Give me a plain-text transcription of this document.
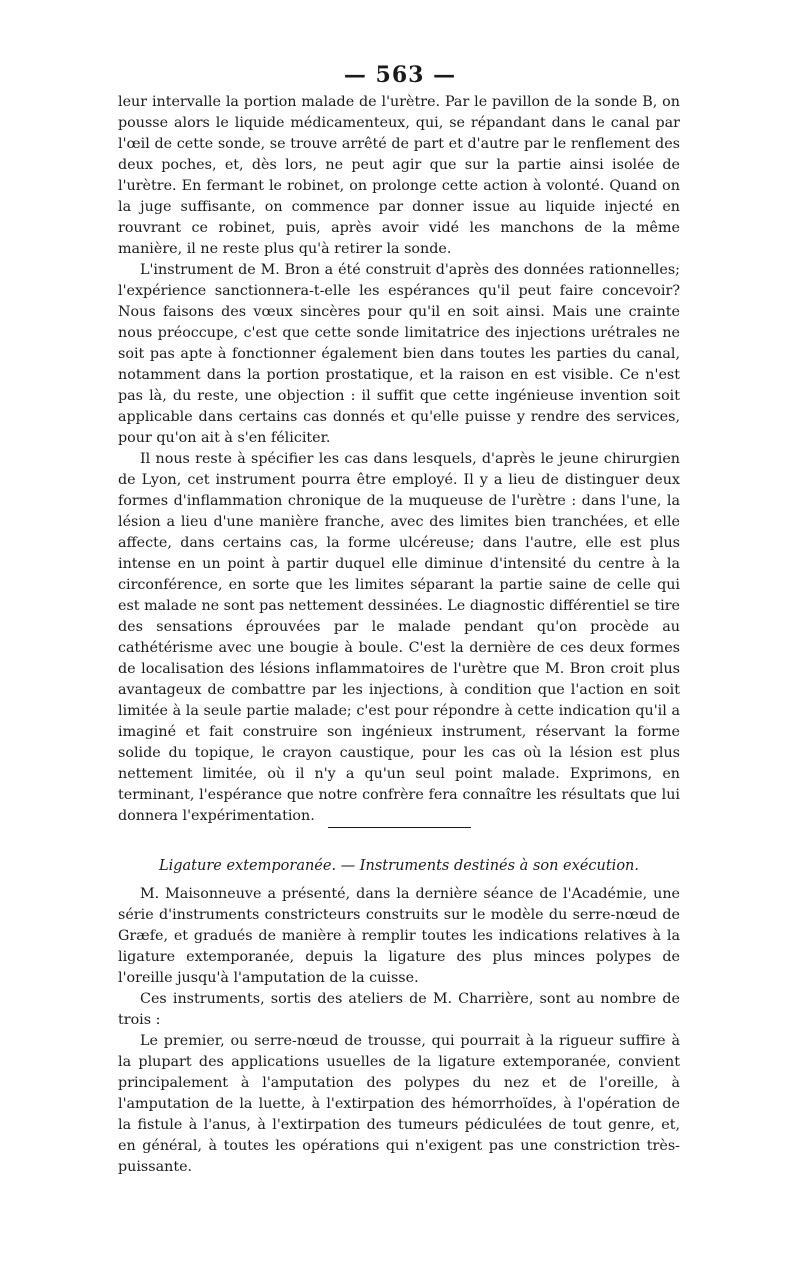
— 563 —

leur intervalle la portion malade de l'urètre. Par le pavillon de la sonde B, on pousse alors le liquide médicamenteux, qui, se répandant dans le canal par l'œil de cette sonde, se trouve arrêté de part et d'autre par le renflement des deux poches, et, dès lors, ne peut agir que sur la partie ainsi isolée de l'urètre. En fermant le robinet, on prolonge cette action à volonté. Quand on la juge suffisante, on commence par donner issue au liquide injecté en rouvrant ce robinet, puis, après avoir vidé les manchons de la même manière, il ne reste plus qu'à retirer la sonde.

L'instrument de M. Bron a été construit d'après des données rationnelles; l'expérience sanctionnera-t-elle les espérances qu'il peut faire concevoir? Nous faisons des vœux sincères pour qu'il en soit ainsi. Mais une crainte nous préoccupe, c'est que cette sonde limitatrice des injections urétrales ne soit pas apte à fonctionner également bien dans toutes les parties du canal, notamment dans la portion prostatique, et la raison en est visible. Ce n'est pas là, du reste, une objection : il suffit que cette ingénieuse invention soit applicable dans certains cas donnés et qu'elle puisse y rendre des services, pour qu'on ait à s'en féliciter.

Il nous reste à spécifier les cas dans lesquels, d'après le jeune chirurgien de Lyon, cet instrument pourra être employé. Il y a lieu de distinguer deux formes d'inflammation chronique de la muqueuse de l'urètre : dans l'une, la lésion a lieu d'une manière franche, avec des limites bien tranchées, et elle affecte, dans certains cas, la forme ulcéreuse; dans l'autre, elle est plus intense en un point à partir duquel elle diminue d'intensité du centre à la circonférence, en sorte que les limites séparant la partie saine de celle qui est malade ne sont pas nettement dessinées. Le diagnostic différentiel se tire des sensations éprouvées par le malade pendant qu'on procède au cathétérisme avec une bougie à boule. C'est la dernière de ces deux formes de localisation des lésions inflammatoires de l'urètre que M. Bron croit plus avantageux de combattre par les injections, à condition que l'action en soit limitée à la seule partie malade; c'est pour répondre à cette indication qu'il a imaginé et fait construire son ingénieux instrument, réservant la forme solide du topique, le crayon caustique, pour les cas où la lésion est plus nettement limitée, où il n'y a qu'un seul point malade. Exprimons, en terminant, l'espérance que notre confrère fera connaître les résultats que lui donnera l'expérimentation.

Ligature extemporanée. — Instruments destinés à son exécution.

M. Maisonneuve a présenté, dans la dernière séance de l'Académie, une série d'instruments constricteurs construits sur le modèle du serre-nœud de Græfe, et gradués de manière à remplir toutes les indications relatives à la ligature extemporanée, depuis la ligature des plus minces polypes de l'oreille jusqu'à l'amputation de la cuisse.

Ces instruments, sortis des ateliers de M. Charrière, sont au nombre de trois :

Le premier, ou serre-nœud de trousse, qui pourrait à la rigueur suffire à la plupart des applications usuelles de la ligature extemporanée, convient principalement à l'amputation des polypes du nez et de l'oreille, à l'amputation de la luette, à l'extirpation des hémorrhoïdes, à l'opération de la fistule à l'anus, à l'extirpation des tumeurs pédiculées de tout genre, et, en général, à toutes les opérations qui n'exigent pas une constriction très-puissante.
